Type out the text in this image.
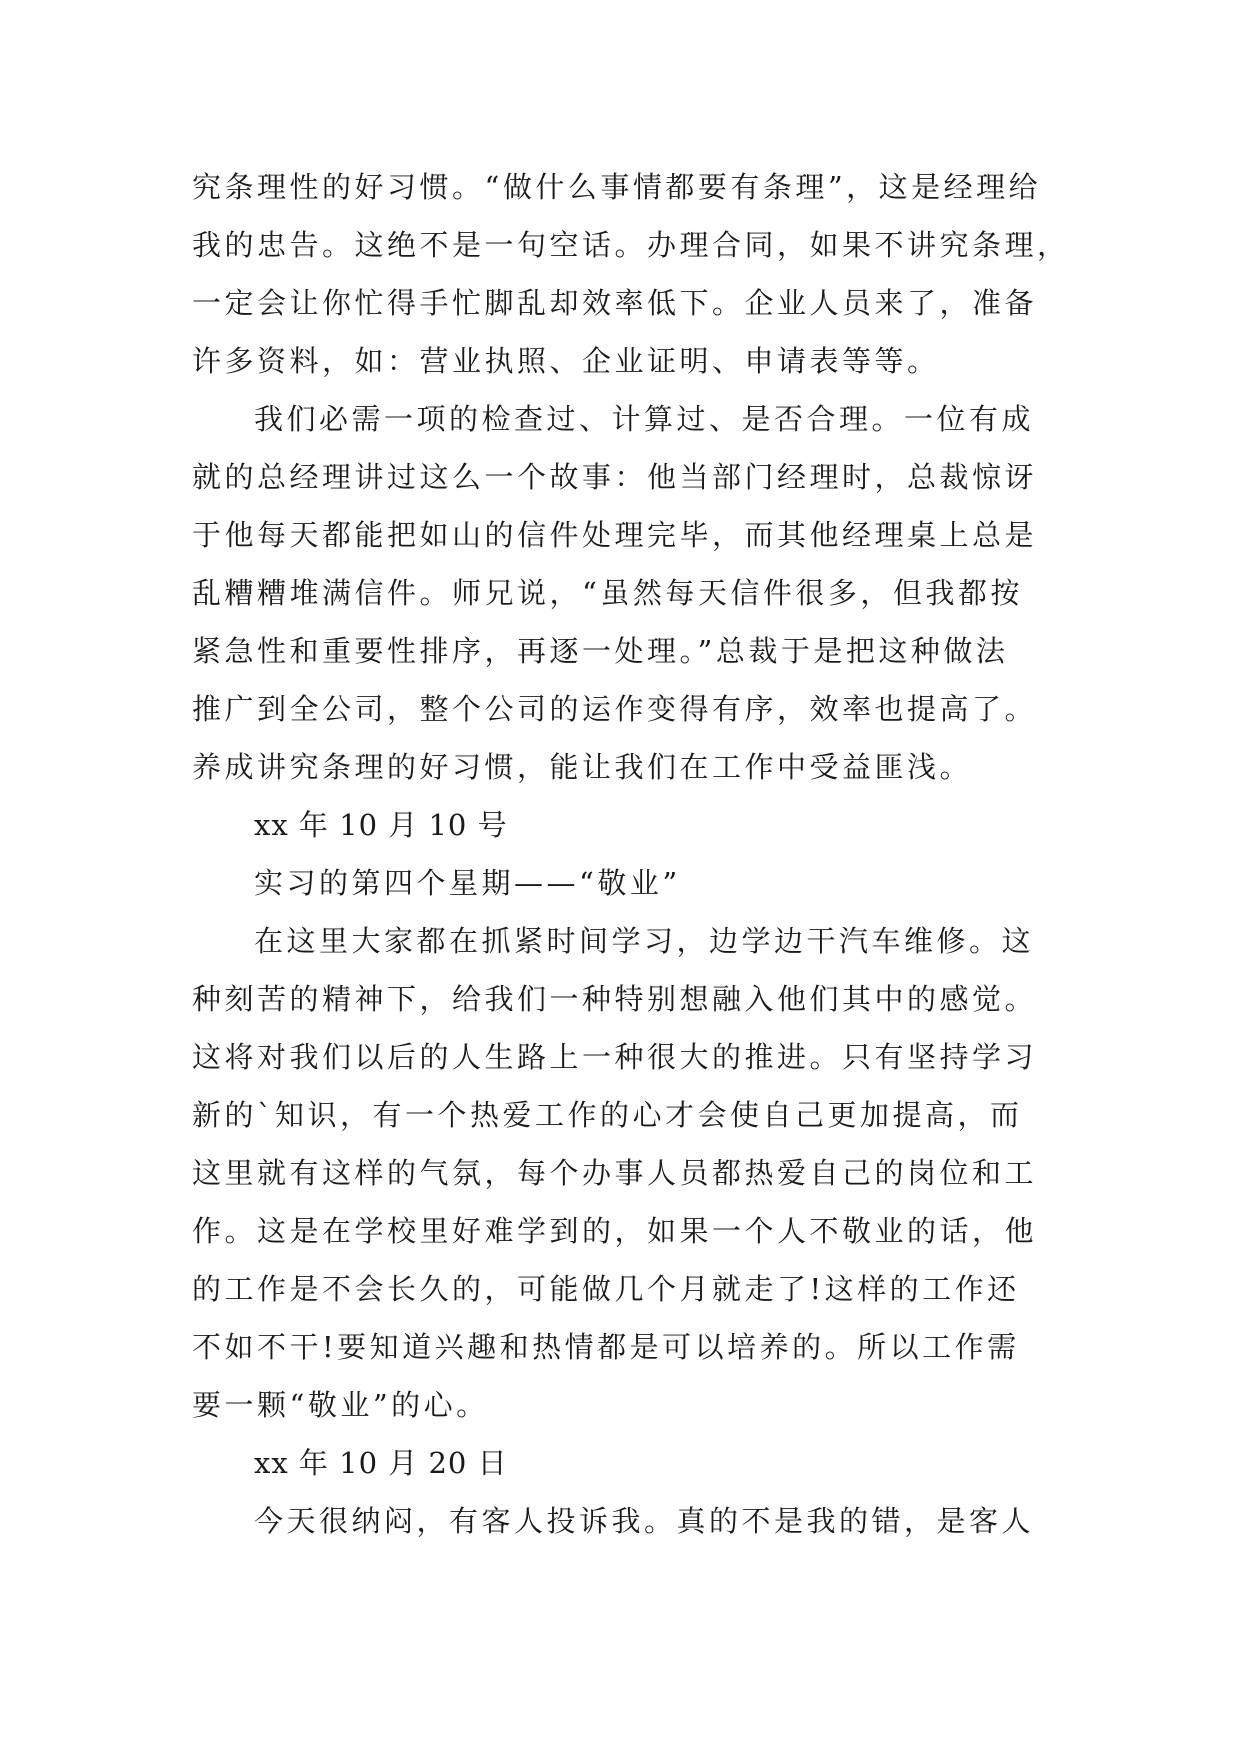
究条理性的好习惯。“做什么事情都要有条理”，这是经理给
我的忠告。这绝不是一句空话。办理合同，如果不讲究条理，
一定会让你忙得手忙脚乱却效率低下。企业人员来了，准备
许多资料，如：营业执照、企业证明、申请表等等。
我们必需一项的检查过、计算过、是否合理。一位有成
就的总经理讲过这么一个故事：他当部门经理时，总裁惊讶
于他每天都能把如山的信件处理完毕，而其他经理桌上总是
乱糟糟堆满信件。师兄说，“虽然每天信件很多，但我都按
紧急性和重要性排序，再逐一处理。”总裁于是把这种做法
推广到全公司，整个公司的运作变得有序，效率也提高了。
养成讲究条理的好习惯，能让我们在工作中受益匪浅。
xx 年 10 月 10 号
实习的第四个星期——“敬业”
在这里大家都在抓紧时间学习，边学边干汽车维修。这
种刻苦的精神下，给我们一种特别想融入他们其中的感觉。
这将对我们以后的人生路上一种很大的推进。只有坚持学习
新的`知识，有一个热爱工作的心才会使自己更加提高，而
这里就有这样的气氛，每个办事人员都热爱自己的岗位和工
作。这是在学校里好难学到的，如果一个人不敬业的话，他
的工作是不会长久的，可能做几个月就走了!这样的工作还
不如不干!要知道兴趣和热情都是可以培养的。所以工作需
要一颗“敬业”的心。
xx 年 10 月 20 日
今天很纳闷，有客人投诉我。真的不是我的错，是客人
